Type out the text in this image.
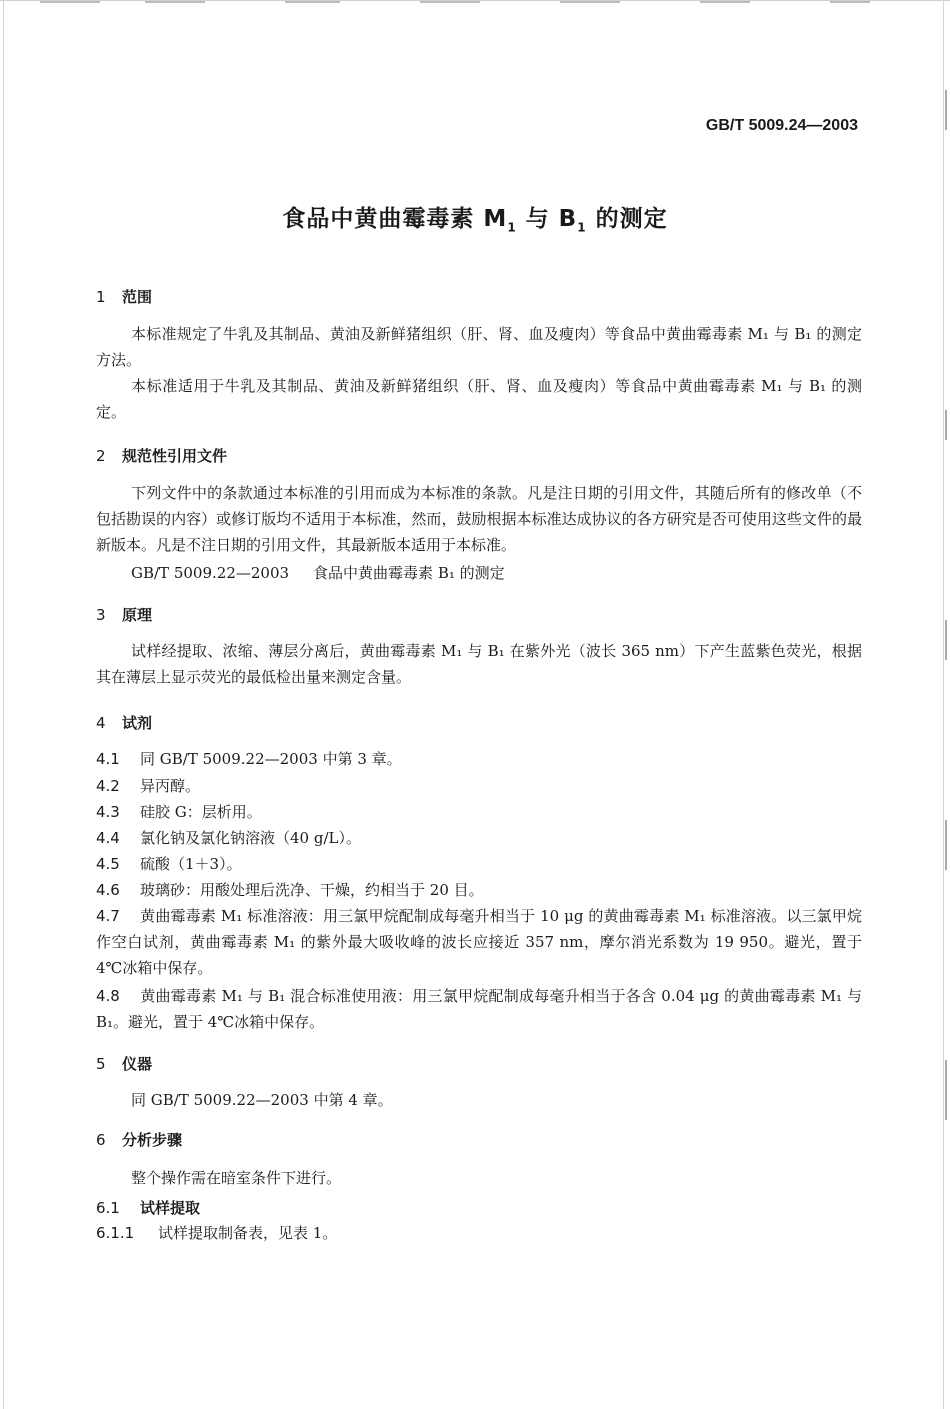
GB/T 5009.24—2003
食品中黄曲霉毒素 $M_1$ 与 $B_1$ 的测定
1 范围
本标准规定了牛乳及其制品、黄油及新鲜猪组织（肝、肾、血及瘦肉）等食品中黄曲霉毒素 M₁ 与 B₁ 的测定方法。
本标准适用于牛乳及其制品、黄油及新鲜猪组织（肝、肾、血及瘦肉）等食品中黄曲霉毒素 M₁ 与 B₁ 的测定。
2 规范性引用文件
下列文件中的条款通过本标准的引用而成为本标准的条款。凡是注日期的引用文件，其随后所有的修改单（不包括勘误的内容）或修订版均不适用于本标准，然而，鼓励根据本标准达成协议的各方研究是否可使用这些文件的最新版本。凡是不注日期的引用文件，其最新版本适用于本标准。
GB/T 5009.22—2003 食品中黄曲霉毒素 B₁ 的测定
3 原理
试样经提取、浓缩、薄层分离后，黄曲霉毒素 M₁ 与 B₁ 在紫外光（波长 365 nm）下产生蓝紫色荧光，根据其在薄层上显示荧光的最低检出量来测定含量。
4 试剂
4.1 同 GB/T 5009.22—2003 中第 3 章。
4.2 异丙醇。
4.3 硅胶 G：层析用。
4.4 氯化钠及氯化钠溶液（40 g/L）。
4.5 硫酸（1＋3）。
4.6 玻璃砂：用酸处理后洗净、干燥，约相当于 20 目。
4.7 黄曲霉毒素 M₁ 标准溶液：用三氯甲烷配制成每毫升相当于 10 μg 的黄曲霉毒素 M₁ 标准溶液。以三氯甲烷作空白试剂，黄曲霉毒素 M₁ 的紫外最大吸收峰的波长应接近 357 nm，摩尔消光系数为 19 950。避光，置于 4℃冰箱中保存。
4.8 黄曲霉毒素 M₁ 与 B₁ 混合标准使用液：用三氯甲烷配制成每毫升相当于各含 0.04 μg 的黄曲霉毒素 M₁ 与 B₁。避光，置于 4℃冰箱中保存。
5 仪器
同 GB/T 5009.22—2003 中第 4 章。
6 分析步骤
整个操作需在暗室条件下进行。
6.1 试样提取
6.1.1 试样提取制备表，见表 1。
